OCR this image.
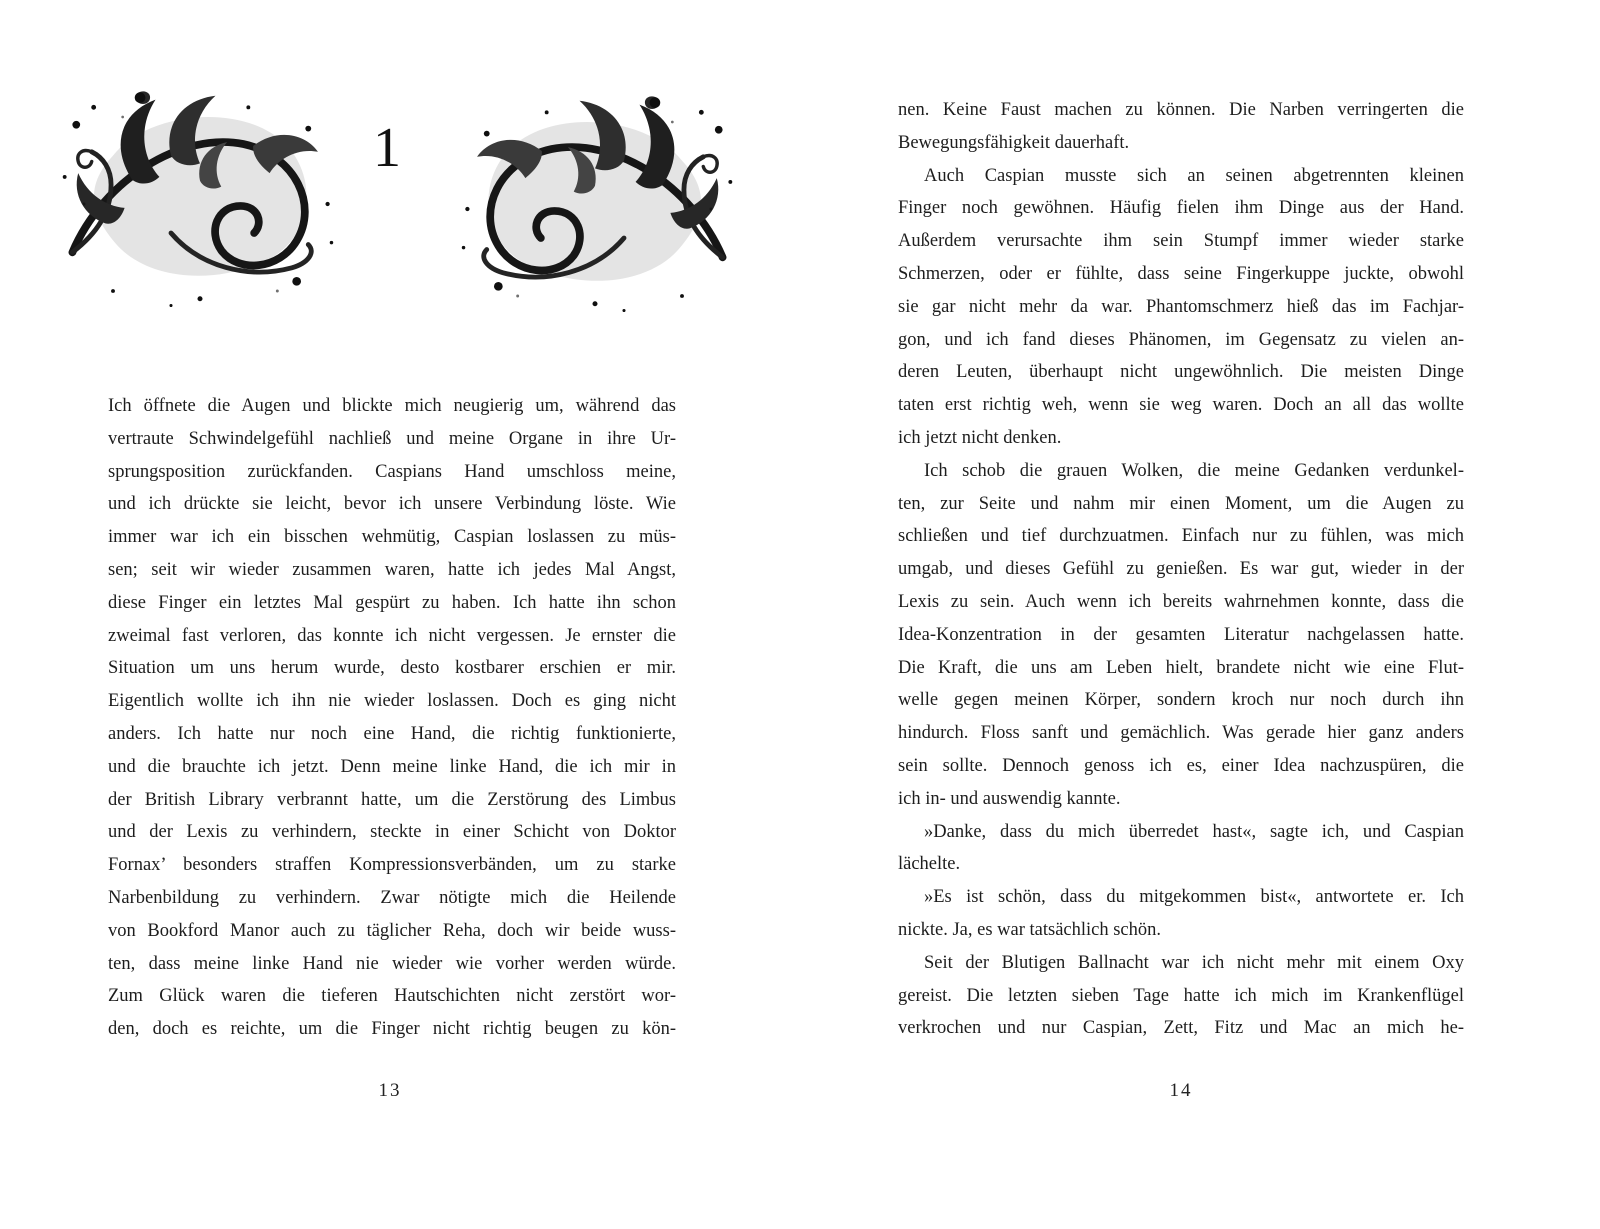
1
Ich öffnete die Augen und blickte mich neugierig um, während das
vertraute Schwindelgefühl nachließ und meine Organe in ihre Ur-
sprungsposition zurückfanden. Caspians Hand umschloss meine,
und ich drückte sie leicht, bevor ich unsere Verbindung löste. Wie
immer war ich ein bisschen wehmütig, Caspian loslassen zu müs-
sen; seit wir wieder zusammen waren, hatte ich jedes Mal Angst,
diese Finger ein letztes Mal gespürt zu haben. Ich hatte ihn schon
zweimal fast verloren, das konnte ich nicht vergessen. Je ernster die
Situation um uns herum wurde, desto kostbarer erschien er mir.
Eigentlich wollte ich ihn nie wieder loslassen. Doch es ging nicht
anders. Ich hatte nur noch eine Hand, die richtig funktionierte,
und die brauchte ich jetzt. Denn meine linke Hand, die ich mir in
der British Library verbrannt hatte, um die Zerstörung des Limbus
und der Lexis zu verhindern, steckte in einer Schicht von Doktor
Fornax’ besonders straffen Kompressionsverbänden, um zu starke
Narbenbildung zu verhindern. Zwar nötigte mich die Heilende
von Bookford Manor auch zu täglicher Reha, doch wir beide wuss-
ten, dass meine linke Hand nie wieder wie vorher werden würde.
Zum Glück waren die tieferen Hautschichten nicht zerstört wor-
den, doch es reichte, um die Finger nicht richtig beugen zu kön-
nen. Keine Faust machen zu können. Die Narben verringerten die
Bewegungsfähigkeit dauerhaft.
Auch Caspian musste sich an seinen abgetrennten kleinen
Finger noch gewöhnen. Häufig fielen ihm Dinge aus der Hand.
Außerdem verursachte ihm sein Stumpf immer wieder starke
Schmerzen, oder er fühlte, dass seine Fingerkuppe juckte, obwohl
sie gar nicht mehr da war. Phantomschmerz hieß das im Fachjar-
gon, und ich fand dieses Phänomen, im Gegensatz zu vielen an-
deren Leuten, überhaupt nicht ungewöhnlich. Die meisten Dinge
taten erst richtig weh, wenn sie weg waren. Doch an all das wollte
ich jetzt nicht denken.
Ich schob die grauen Wolken, die meine Gedanken verdunkel-
ten, zur Seite und nahm mir einen Moment, um die Augen zu
schließen und tief durchzuatmen. Einfach nur zu fühlen, was mich
umgab, und dieses Gefühl zu genießen. Es war gut, wieder in der
Lexis zu sein. Auch wenn ich bereits wahrnehmen konnte, dass die
Idea-Konzentration in der gesamten Literatur nachgelassen hatte.
Die Kraft, die uns am Leben hielt, brandete nicht wie eine Flut-
welle gegen meinen Körper, sondern kroch nur noch durch ihn
hindurch. Floss sanft und gemächlich. Was gerade hier ganz anders
sein sollte. Dennoch genoss ich es, einer Idea nachzuspüren, die
ich in- und auswendig kannte.
»Danke, dass du mich überredet hast«, sagte ich, und Caspian
lächelte.
»Es ist schön, dass du mitgekommen bist«, antwortete er. Ich
nickte. Ja, es war tatsächlich schön.
Seit der Blutigen Ballnacht war ich nicht mehr mit einem Oxy
gereist. Die letzten sieben Tage hatte ich mich im Krankenflügel
verkrochen und nur Caspian, Zett, Fitz und Mac an mich he-
13	14
